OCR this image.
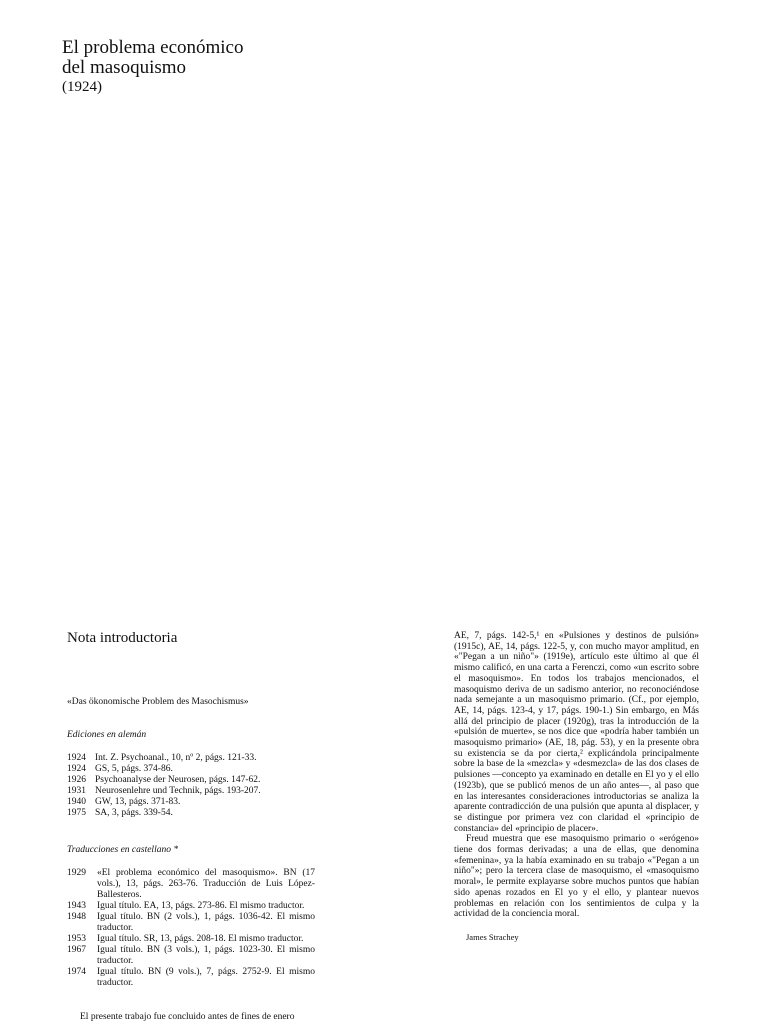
El problema económico
del masoquismo
(1924)
Nota introductoria

«Das ökonomische Problem des Masochismus»

Ediciones en alemán

1924 Int. Z. Psychoanal., 10, nº 2, págs. 121-33.
1924 GS, 5, págs. 374-86.
1926 Psychoanalyse der Neurosen, págs. 147-62.
1931 Neurosenlehre und Technik, págs. 193-207.
1940 GW, 13, págs. 371-83.
1975 SA, 3, págs. 339-54.

Traducciones en castellano *

1929	«El problema económico del masoquismo». BN (17 vols.), 13, págs. 263-76. Traducción de Luis López-Ballesteros.
1943	Igual título. EA, 13, págs. 273-86. El mismo traductor.
1948	Igual título. BN (2 vols.), 1, págs. 1036-42. El mismo traductor.
1953	Igual título. SR, 13, págs. 208-18. El mismo traductor.
1967	Igual título. BN (3 vols.), 1, págs. 1023-30. El mismo traductor.
1974	Igual título. BN (9 vols.), 7, págs. 2752-9. El mismo traductor.
El presente trabajo fue concluido antes de fines de enero

AE, 7, págs. 142-5,¹ en «Pulsiones y destinos de pulsión» (1915c), AE, 14, págs. 122-5, y, con mucho mayor amplitud, en «"Pegan a un niño"» (1919e), artículo este último al que él mismo calificó, en una carta a Ferenczi, como «un escrito sobre el masoquismo». En todos los trabajos mencionados, el masoquismo deriva de un sadismo anterior, no reconociéndose nada semejante a un masoquismo primario. (Cf., por ejemplo, AE, 14, págs. 123-4, y 17, págs. 190-1.) Sin embargo, en Más allá del principio de placer (1920g), tras la introducción de la «pulsión de muerte», se nos dice que «podría haber también un masoquismo primario» (AE, 18, pág. 53), y en la presente obra su existencia se da por cierta,² explicándola principalmente sobre la base de la «mezcla» y «desmezcla» de las dos clases de pulsiones —concepto ya examinado en detalle en El yo y el ello (1923b), que se publicó menos de un año antes—, al paso que en las interesantes consideraciones introductorias se analiza la aparente contradicción de una pulsión que apunta al displacer, y se distingue por primera vez con claridad el «principio de constancia» del «principio de placer».

Freud muestra que ese masoquismo primario o «erógeno» tiene dos formas derivadas; a una de ellas, que denomina «femenina», ya la había examinado en su trabajo «"Pegan a un niño"»; pero la tercera clase de masoquismo, el «masoquismo moral», le permite explayarse sobre muchos puntos que habían sido apenas rozados en El yo y el ello, y plantear nuevos problemas en relación con los sentimientos de culpa y la actividad de la conciencia moral.

James Strachey
